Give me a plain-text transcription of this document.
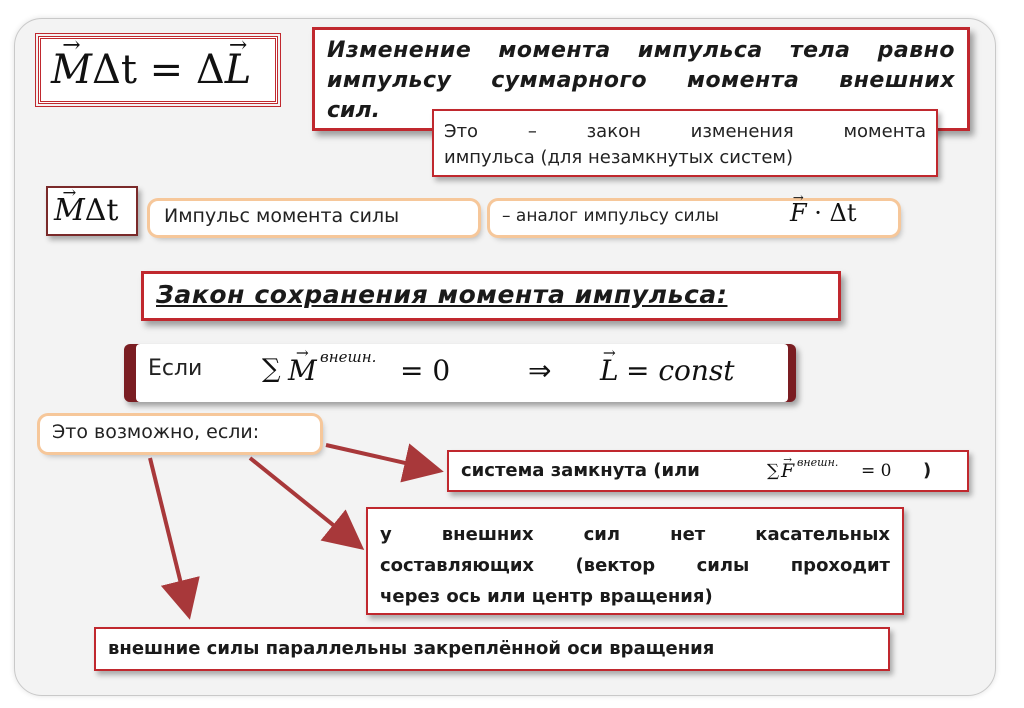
→ MΔt = Δ→ L	Изменение момента импульса тела равно
импульсу суммарного момента внешних
сил.
Это – закон изменения момента
импульса (для незамкнутых систем)
→ MΔt Импульс момента силы	– аналог импульсу силы	→ F · Δt
Закон сохранения момента импульса:
Если ∑ → M внешн. = 0	⇒ → L = const
Это возможно, если:
система замкнута (или	∑ → F внешн. = 0 )
у внешних сил нет касательных
составляющих (вектор силы проходит
через ось или центр вращения)
внешние силы параллельны закреплённой оси вращения
